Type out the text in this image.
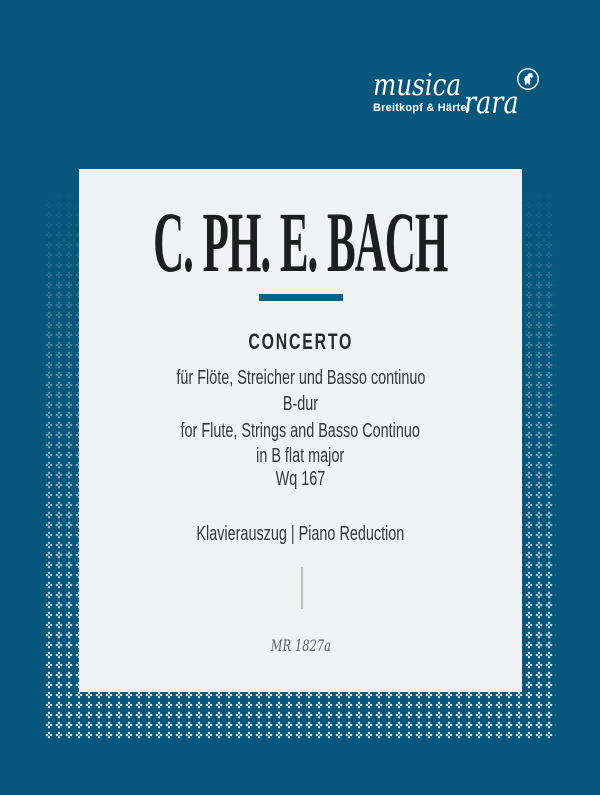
musica rara
Breitkopf & Härtel
C. PH. E. BACH
CONCERTO
für Flöte, Streicher und Basso continuo
B-dur
for Flute, Strings and Basso Continuo
in B flat major
Wq 167
Klavierauszug | Piano Reduction
MR 1827a
